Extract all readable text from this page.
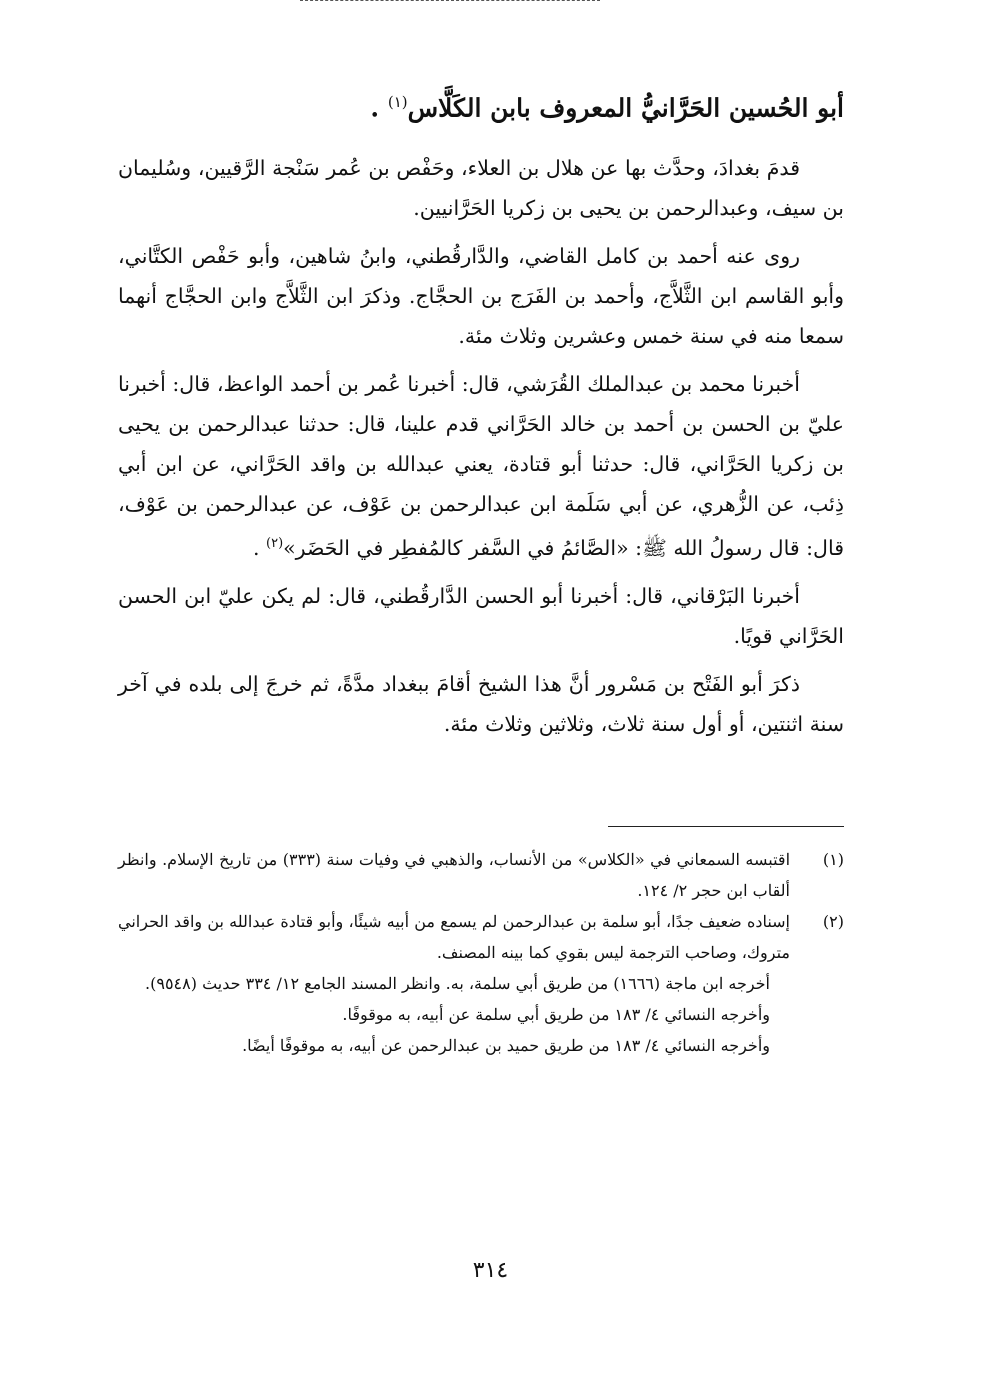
أبو الحُسين الحَرَّانيُّ المعروف بابن الكَلَّاس$^{(١)}$ .

قدمَ بغدادَ، وحدَّث بها عن هلال بن العلاء، وحَفْص بن عُمر سَنْجة الرَّقيين، وسُليمان بن سيف، وعبدالرحمن بن يحيى بن زكريا الحَرَّانيين.

روى عنه أحمد بن كامل القاضي، والدَّارقُطني، وابنُ شاهين، وأبو حَفْص الكتَّاني، وأبو القاسم ابن الثَّلاَّج، وأحمد بن الفَرَج بن الحجَّاج. وذكرَ ابن الثَّلاَّج وابن الحجَّاج أنهما سمعا منه في سنة خمس وعشرين وثلاث مئة.

أخبرنا محمد بن عبدالملك القُرَشي، قال: أخبرنا عُمر بن أحمد الواعظ، قال: أخبرنا عليّ بن الحسن بن أحمد بن خالد الحَرَّاني قدم علينا، قال: حدثنا عبدالرحمن بن يحيى بن زكريا الحَرَّاني، قال: حدثنا أبو قتادة، يعني عبدالله بن واقد الحَرَّاني، عن ابن أبي ذِئب، عن الزُّهري، عن أبي سَلَمة ابن عبدالرحمن بن عَوْف، عن عبدالرحمن بن عَوْف، قال: قال رسولُ الله ﷺ: «الصَّائمُ في السَّفر كالمُفطِر في الحَضَر»$^{(٢)}$ .

أخبرنا البَرْقاني، قال: أخبرنا أبو الحسن الدَّارقُطني، قال: لم يكن عليّ ابن الحسن الحَرَّاني قويًا.

ذكرَ أبو الفَتْح بن مَسْرور أنَّ هذا الشيخ أقامَ ببغداد مدَّةً، ثم خرجَ إلى بلده في آخر سنة اثنتين، أو أول سنة ثلاث، وثلاثين وثلاث مئة.

(١)
اقتبسه السمعاني في «الكلاس» من الأنساب، والذهبي في وفيات سنة (٣٣٣) من تاريخ الإسلام. وانظر ألقاب ابن حجر ٢/ ١٢٤.
(٢)
إسناده ضعيف جدًا، أبو سلمة بن عبدالرحمن لم يسمع من أبيه شيئًا، وأبو قتادة عبدالله بن واقد الحراني متروك، وصاحب الترجمة ليس بقوي كما بينه المصنف.
أخرجه ابن ماجة (١٦٦٦) من طريق أبي سلمة، به. وانظر المسند الجامع ١٢/ ٣٣٤ حديث (٩٥٤٨).
وأخرجه النسائي ٤/ ١٨٣ من طريق أبي سلمة عن أبيه، به موقوفًا.
وأخرجه النسائي ٤/ ١٨٣ من طريق حميد بن عبدالرحمن عن أبيه، به موقوفًا أيضًا.
٣١٤
